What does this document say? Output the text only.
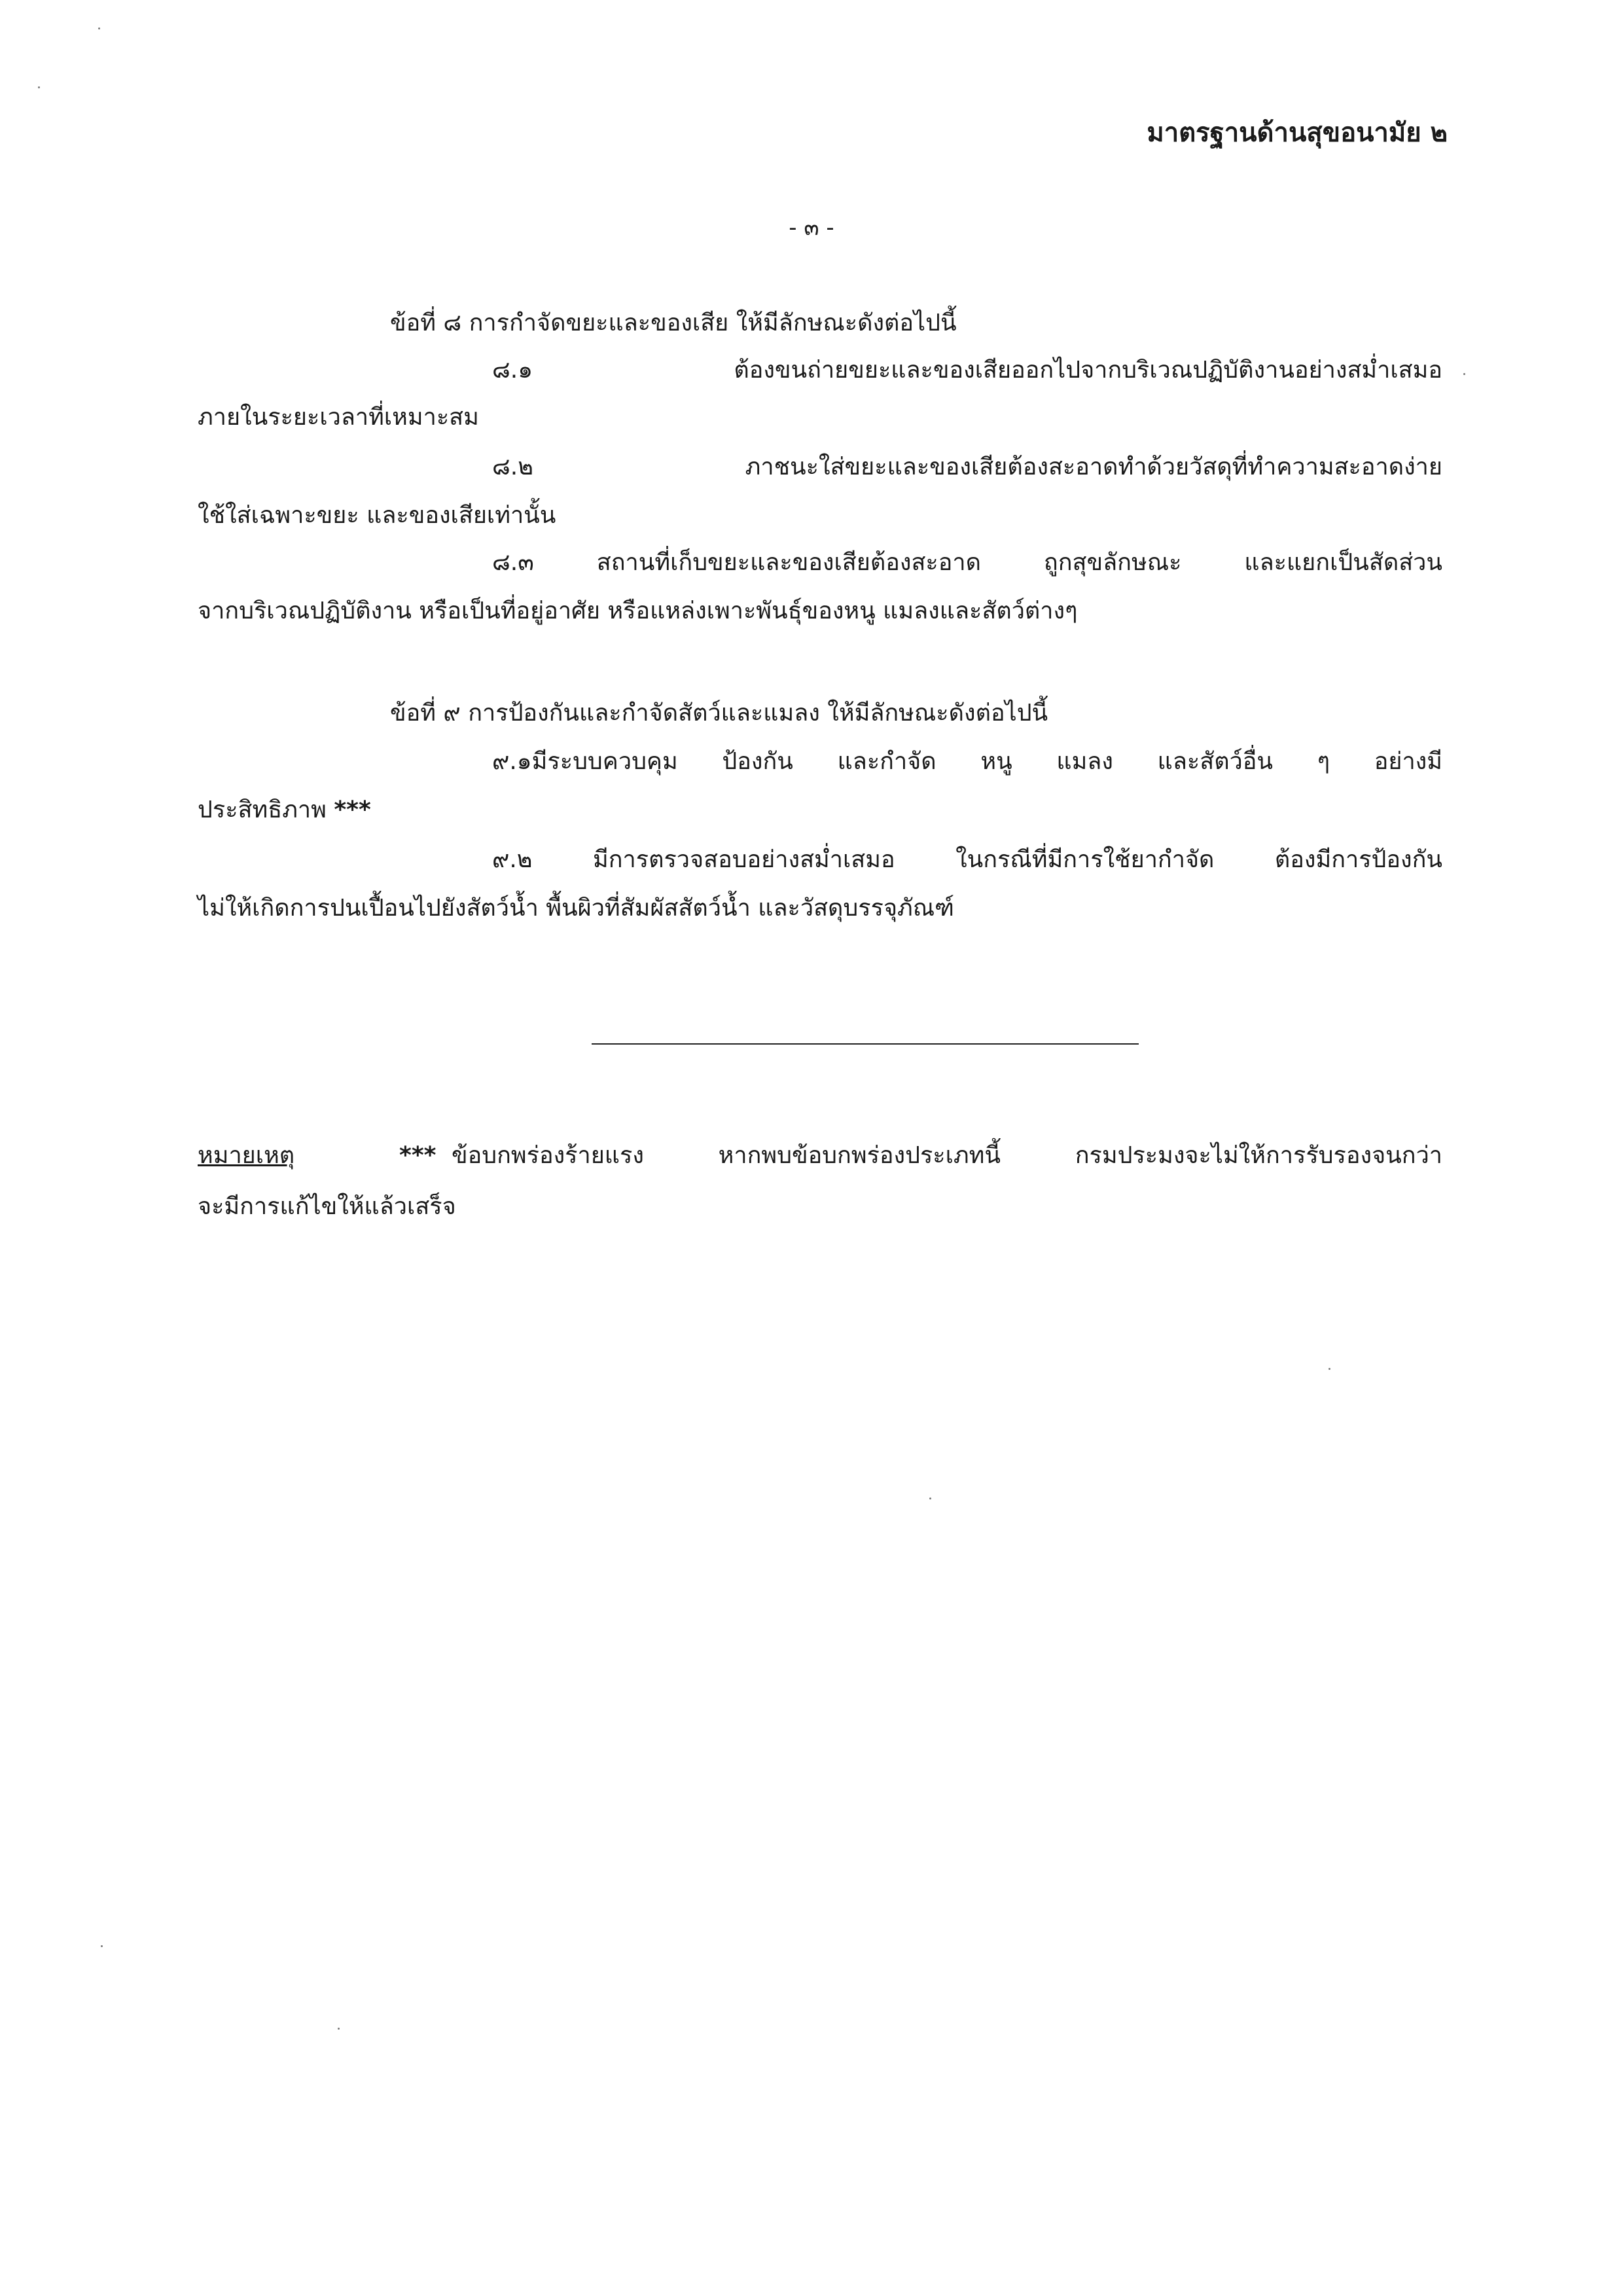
มาตรฐานด้านสุขอนามัย ๒
- ๓ -
ข้อที่ ๘ การกำจัดขยะและของเสีย ให้มีลักษณะดังต่อไปนี้
๘.๑ ต้องขนถ่ายขยะและของเสียออกไปจากบริเวณปฏิบัติงานอย่างสม่ำเสมอ
ภายในระยะเวลาที่เหมาะสม
๘.๒ ภาชนะใส่ขยะและของเสียต้องสะอาดทำด้วยวัสดุที่ทำความสะอาดง่าย
ใช้ใส่เฉพาะขยะ และของเสียเท่านั้น
๘.๓ สถานที่เก็บขยะและของเสียต้องสะอาด ถูกสุขลักษณะ และแยกเป็นสัดส่วน
จากบริเวณปฏิบัติงาน หรือเป็นที่อยู่อาศัย หรือแหล่งเพาะพันธุ์ของหนู แมลงและสัตว์ต่างๆ
ข้อที่ ๙ การป้องกันและกำจัดสัตว์และแมลง ให้มีลักษณะดังต่อไปนี้
๙.๑มีระบบควบคุม ป้องกัน และกำจัด หนู แมลง และสัตว์อื่น ๆ อย่างมี
ประสิทธิภาพ ***
๙.๒ มีการตรวจสอบอย่างสม่ำเสมอ ในกรณีที่มีการใช้ยากำจัด ต้องมีการป้องกัน
ไม่ให้เกิดการปนเปื้อนไปยังสัตว์น้ำ พื้นผิวที่สัมผัสสัตว์น้ำ และวัสดุบรรจุภัณฑ์
หมายเหตุ	*** ข้อบกพร่องร้ายแรง หากพบข้อบกพร่องประเภทนี้ กรมประมงจะไม่ให้การรับรองจนกว่า
จะมีการแก้ไขให้แล้วเสร็จ
